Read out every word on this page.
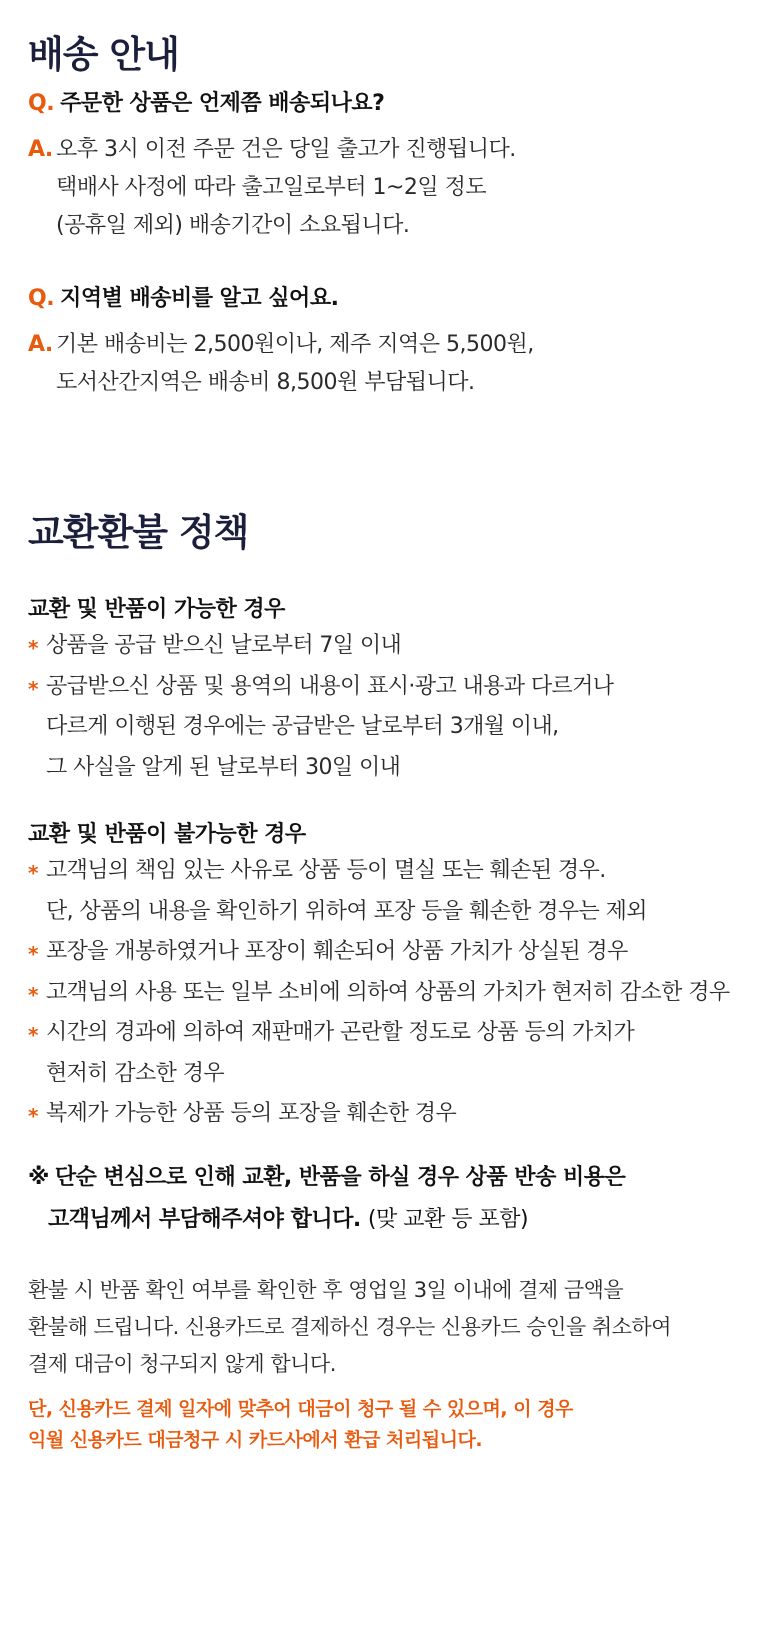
배송 안내
Q. 주문한 상품은 언제쯤 배송되나요?
A. 오후 3시 이전 주문 건은 당일 출고가 진행됩니다.
택배사 사정에 따라 출고일로부터 1~2일 정도
(공휴일 제외) 배송기간이 소요됩니다.
Q. 지역별 배송비를 알고 싶어요.
A. 기본 배송비는 2,500원이나, 제주 지역은 5,500원,
도서산간지역은 배송비 8,500원 부담됩니다.
교환환불 정책
교환 및 반품이 가능한 경우
* 상품을 공급 받으신 날로부터 7일 이내
* 공급받으신 상품 및 용역의 내용이 표시·광고 내용과 다르거나
다르게 이행된 경우에는 공급받은 날로부터 3개월 이내,
그 사실을 알게 된 날로부터 30일 이내
교환 및 반품이 불가능한 경우
* 고객님의 책임 있는 사유로 상품 등이 멸실 또는 훼손된 경우.
단, 상품의 내용을 확인하기 위하여 포장 등을 훼손한 경우는 제외
* 포장을 개봉하였거나 포장이 훼손되어 상품 가치가 상실된 경우
* 고객님의 사용 또는 일부 소비에 의하여 상품의 가치가 현저히 감소한 경우
* 시간의 경과에 의하여 재판매가 곤란할 정도로 상품 등의 가치가
현저히 감소한 경우
* 복제가 가능한 상품 등의 포장을 훼손한 경우
※ 단순 변심으로 인해 교환, 반품을 하실 경우 상품 반송 비용은
고객님께서 부담해주셔야 합니다. (맞 교환 등 포함)
환불 시 반품 확인 여부를 확인한 후 영업일 3일 이내에 결제 금액을
환불해 드립니다. 신용카드로 결제하신 경우는 신용카드 승인을 취소하여
결제 대금이 청구되지 않게 합니다.
단, 신용카드 결제 일자에 맞추어 대금이 청구 될 수 있으며, 이 경우
익월 신용카드 대금청구 시 카드사에서 환급 처리됩니다.
